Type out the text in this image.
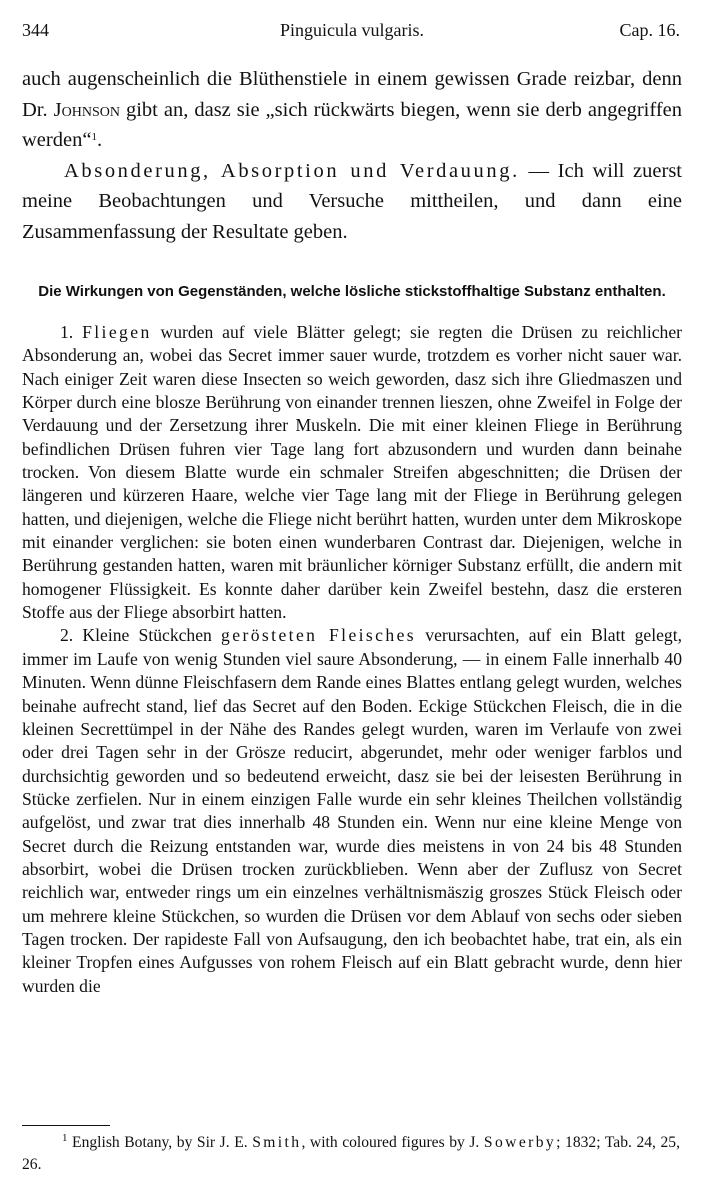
344	Pinguicula vulgaris.	Cap. 16.

auch augenscheinlich die Blüthenstiele in einem gewissen Grade reizbar, denn Dr. Johnson gibt an, dasz sie „sich rückwärts biegen, wenn sie derb angegriffen werden“$^1$.

Absonderung, Absorption und Verdauung. — Ich will zuerst meine Beobachtungen und Versuche mittheilen, und dann eine Zusammenfassung der Resultate geben.

Die Wirkungen von Gegenständen, welche lösliche stickstoffhaltige Substanz enthalten.

1. Fliegen wurden auf viele Blätter gelegt; sie regten die Drüsen zu reichlicher Absonderung an, wobei das Secret immer sauer wurde, trotzdem es vorher nicht sauer war. Nach einiger Zeit waren diese Insecten so weich geworden, dasz sich ihre Gliedmaszen und Körper durch eine blosze Berührung von einander trennen lieszen, ohne Zweifel in Folge der Verdauung und der Zersetzung ihrer Muskeln. Die mit einer kleinen Fliege in Berührung befindlichen Drüsen fuhren vier Tage lang fort abzusondern und wurden dann beinahe trocken. Von diesem Blatte wurde ein schmaler Streifen abgeschnitten; die Drüsen der längeren und kürzeren Haare, welche vier Tage lang mit der Fliege in Berührung gelegen hatten, und diejenigen, welche die Fliege nicht berührt hatten, wurden unter dem Mikroskope mit einander verglichen: sie boten einen wunderbaren Contrast dar. Diejenigen, welche in Berührung gestanden hatten, waren mit bräunlicher körniger Substanz erfüllt, die andern mit homogener Flüssigkeit. Es konnte daher darüber kein Zweifel bestehn, dasz die ersteren Stoffe aus der Fliege absorbirt hatten.

2. Kleine Stückchen gerösteten Fleisches verursachten, auf ein Blatt gelegt, immer im Laufe von wenig Stunden viel saure Absonderung, — in einem Falle innerhalb 40 Minuten. Wenn dünne Fleischfasern dem Rande eines Blattes entlang gelegt wurden, welches beinahe aufrecht stand, lief das Secret auf den Boden. Eckige Stückchen Fleisch, die in die kleinen Secrettümpel in der Nähe des Randes gelegt wurden, waren im Verlaufe von zwei oder drei Tagen sehr in der Grösze reducirt, abgerundet, mehr oder weniger farblos und durchsichtig geworden und so bedeutend erweicht, dasz sie bei der leisesten Berührung in Stücke zerfielen. Nur in einem einzigen Falle wurde ein sehr kleines Theilchen vollständig aufgelöst, und zwar trat dies innerhalb 48 Stunden ein. Wenn nur eine kleine Menge von Secret durch die Reizung entstanden war, wurde dies meistens in von 24 bis 48 Stunden absorbirt, wobei die Drüsen trocken zurückblieben. Wenn aber der Zuflusz von Secret reichlich war, entweder rings um ein einzelnes verhältnismäszig groszes Stück Fleisch oder um mehrere kleine Stückchen, so wurden die Drüsen vor dem Ablauf von sechs oder sieben Tagen trocken. Der rapideste Fall von Aufsaugung, den ich beobachtet habe, trat ein, als ein kleiner Tropfen eines Aufgusses von rohem Fleisch auf ein Blatt gebracht wurde, denn hier wurden die

$^1$ English Botany, by Sir J. E. Smith, with coloured figures by J. Sowerby; 1832; Tab. 24, 25, 26.
